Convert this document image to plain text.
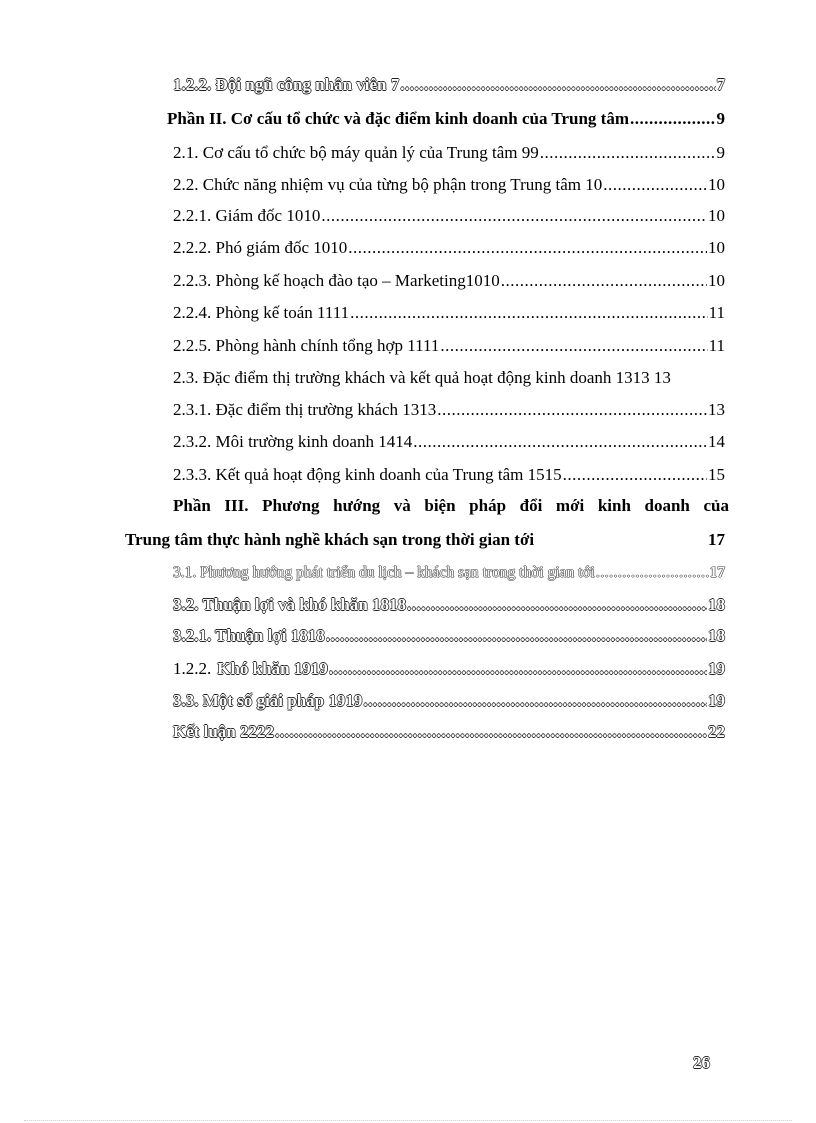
1.2.2. Đội ngũ công nhân viên 7 .....	7
Phần II. Cơ cấu tổ chức và đặc điểm kinh doanh của Trung tâm .....	9
2.1. Cơ cấu tổ chức bộ máy quản lý của Trung tâm 99 .....	9
2.2. Chức năng nhiệm vụ của từng bộ phận trong Trung tâm 10 .....	10
2.2.1. Giám đốc 1010 .....	10
2.2.2. Phó giám đốc 1010 .....	10
2.2.3. Phòng kế hoạch đào tạo – Marketing1010 .....	10
2.2.4. Phòng kế toán 1111 .....	11
2.2.5. Phòng hành chính tổng hợp 1111 .....	11
2.3. Đặc điểm thị trường khách và kết quả hoạt động kinh doanh 1313 13
2.3.1. Đặc điểm thị trường khách 1313 .....	13
2.3.2. Môi trường kinh doanh 1414 .....	14
2.3.3. Kết quả hoạt động kinh doanh của Trung tâm 1515 .....	15
Phần III. Phương hướng và biện pháp đổi mới kinh doanh của
Trung tâm thực hành nghề khách sạn trong thời gian tới	17
3.1. Phương hướng phát triển du lịch – khách sạn trong thời gian tới .....	17
3.2. Thuận lợi và khó khăn 1818 .....	18
3.2.1. Thuận lợi 1818 .....	18
1.2.2. Khó khăn 1919 .....	19
3.3. Một số giải pháp 1919 .....	19
Kết luận 2222 .....	22
26
